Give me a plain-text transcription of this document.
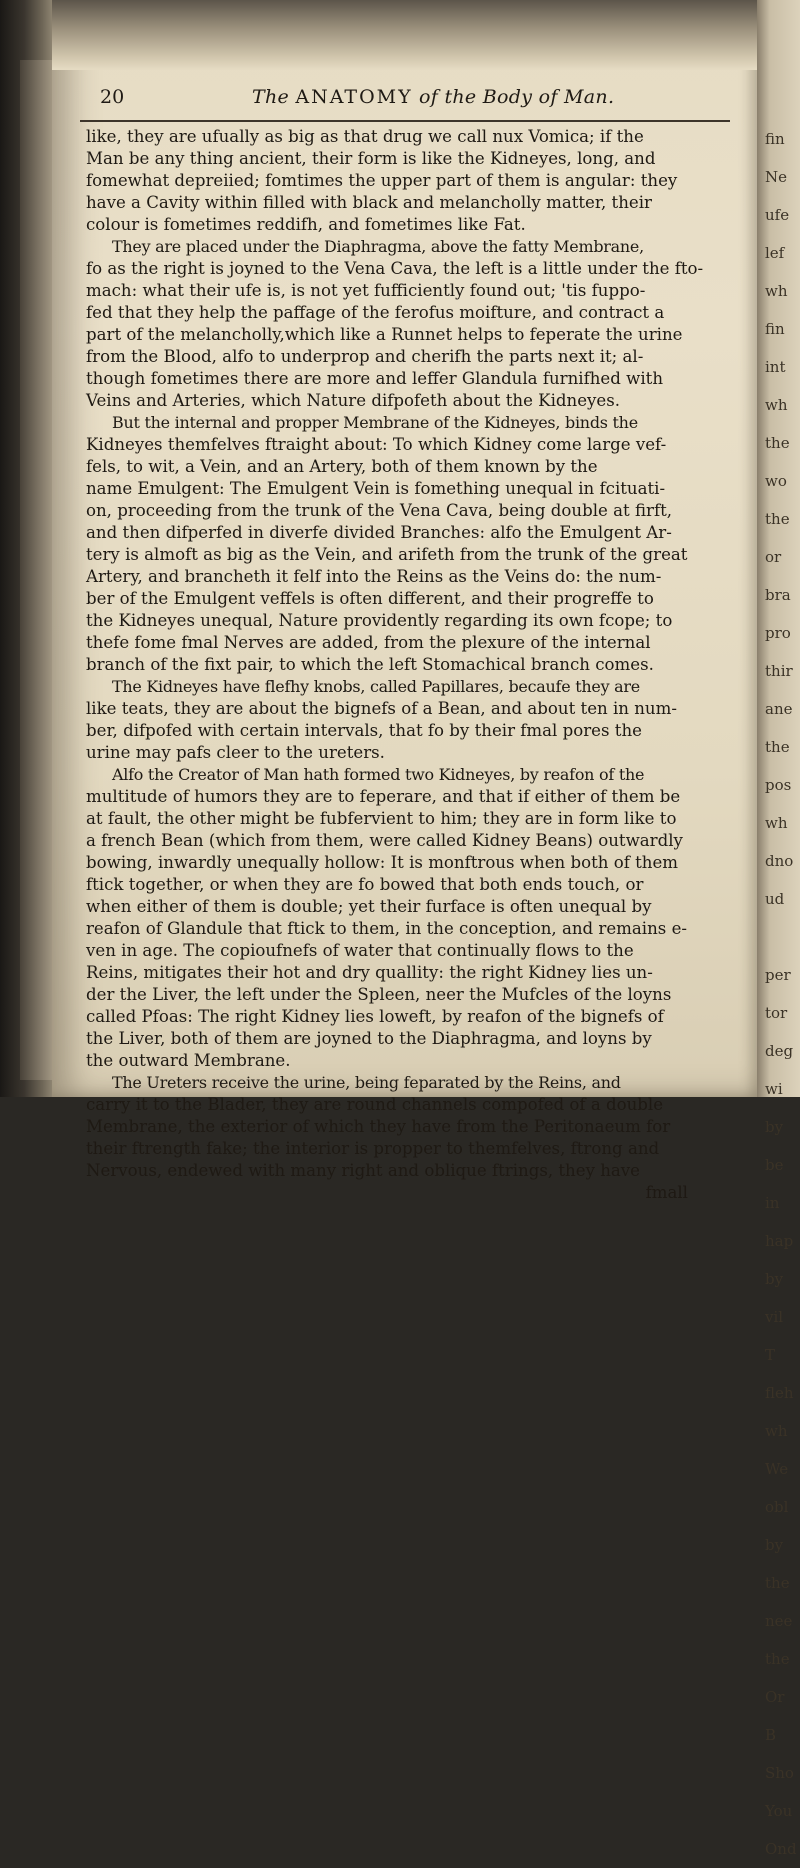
fin
Ne
ufe
lef
wh
fin
int
wh
the
wo
the
or
bra
pro
thir
ane
the
pos
wh
dno
ud
per
tor
deg
wi
by
be
in
hap
by
vil
T
fleh
wh
We
obl
by
the
nee
the
Or
B
Sho
You
Ond
20	The ANATOMY of the Body of Man.
like, they are ufually as big as that drug we call nux Vomica; if the
Man be any thing ancient, their form is like the Kidneyes, long, and
fomewhat depreiied; fomtimes the upper part of them is angular: they
have a Cavity within filled with black and melancholly matter, their
colour is fometimes reddifh, and fometimes like Fat.
They are placed under the Diaphragma, above the fatty Membrane,
fo as the right is joyned to the Vena Cava, the left is a little under the fto-
mach: what their ufe is, is not yet fufficiently found out; 'tis fuppo-
fed that they help the paffage of the ferofus moifture, and contract a
part of the melancholly,which like a Runnet helps to feperate the urine
from the Blood, alfo to underprop and cherifh the parts next it; al-
though fometimes there are more and leffer Glandula furnifhed with
Veins and Arteries, which Nature difpofeth about the Kidneyes.
But the internal and propper Membrane of the Kidneyes, binds the
Kidneyes themfelves ftraight about: To which Kidney come large vef-
fels, to wit, a Vein, and an Artery, both of them known by the
name Emulgent: The Emulgent Vein is fomething unequal in fcituati-
on, proceeding from the trunk of the Vena Cava, being double at firft,
and then difperfed in diverfe divided Branches: alfo the Emulgent Ar-
tery is almoft as big as the Vein, and arifeth from the trunk of the great
Artery, and brancheth it felf into the Reins as the Veins do: the num-
ber of the Emulgent veffels is often different, and their progreffe to
the Kidneyes unequal, Nature providently regarding its own fcope; to
thefe fome fmal Nerves are added, from the plexure of the internal
branch of the fixt pair, to which the left Stomachical branch comes.
The Kidneyes have flefhy knobs, called Papillares, becaufe they are
like teats, they are about the bignefs of a Bean, and about ten in num-
ber, difpofed with certain intervals, that fo by their fmal pores the
urine may pafs cleer to the ureters.
Alfo the Creator of Man hath formed two Kidneyes, by reafon of the
multitude of humors they are to feperare, and that if either of them be
at fault, the other might be fubfervient to him; they are in form like to
a french Bean (which from them, were called Kidney Beans) outwardly
bowing, inwardly unequally hollow: It is monftrous when both of them
ftick together, or when they are fo bowed that both ends touch, or
when either of them is double; yet their furface is often unequal by
reafon of Glandule that ftick to them, in the conception, and remains e-
ven in age. The copioufnefs of water that continually flows to the
Reins, mitigates their hot and dry quallity: the right Kidney lies un-
der the Liver, the left under the Spleen, neer the Mufcles of the loyns
called Pfoas: The right Kidney lies loweft, by reafon of the bignefs of
the Liver, both of them are joyned to the Diaphragma, and loyns by
the outward Membrane.
The Ureters receive the urine, being feparated by the Reins, and
carry it to the Blader, they are round channels compofed of a double
Membrane, the exterior of which they have from the Peritonaeum for
their ftrength fake; the interior is propper to themfelves, ftrong and
Nervous, endewed with many right and oblique ftrings, they have
fmall
